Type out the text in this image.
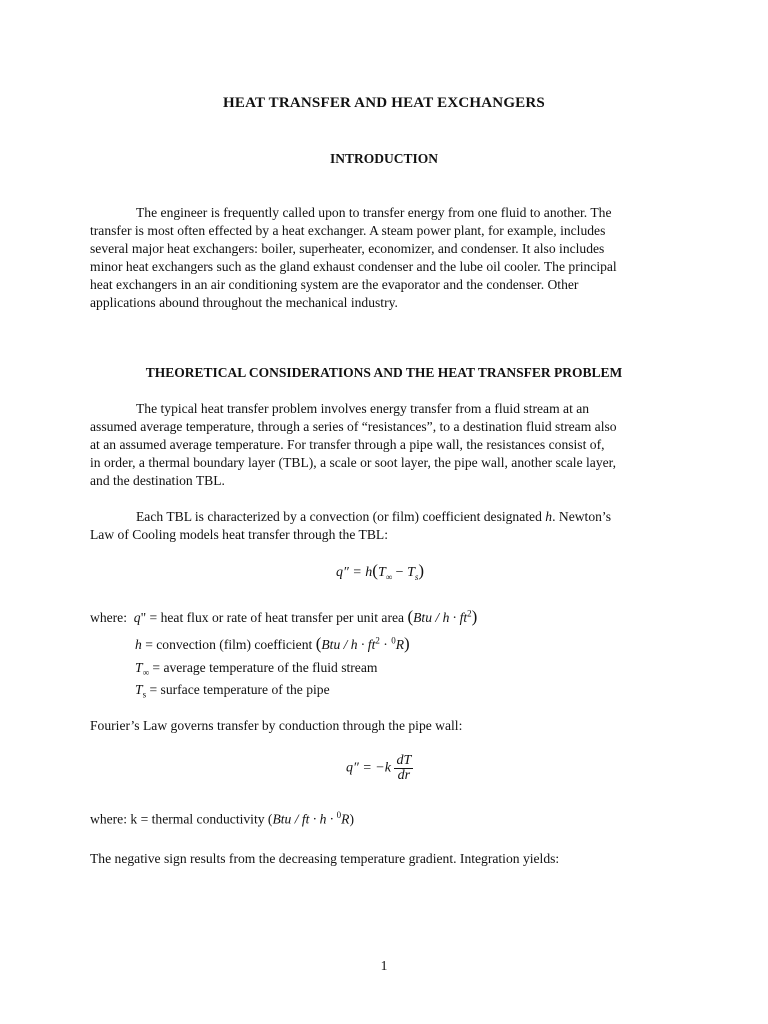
HEAT TRANSFER AND HEAT EXCHANGERS
INTRODUCTION
The engineer is frequently called upon to transfer energy from one fluid to another. The
transfer is most often effected by a heat exchanger. A steam power plant, for example, includes
several major heat exchangers: boiler, superheater, economizer, and condenser. It also includes
minor heat exchangers such as the gland exhaust condenser and the lube oil cooler. The principal
heat exchangers in an air conditioning system are the evaporator and the condenser. Other
applications abound throughout the mechanical industry.
THEORETICAL CONSIDERATIONS AND THE HEAT TRANSFER PROBLEM
The typical heat transfer problem involves energy transfer from a fluid stream at an
assumed average temperature, through a series of “resistances”, to a destination fluid stream also
at an assumed average temperature. For transfer through a pipe wall, the resistances consist of,
in order, a thermal boundary layer (TBL), a scale or soot layer, the pipe wall, another scale layer,
and the destination TBL.
Each TBL is characterized by a convection (or film) coefficient designated h. Newton’s
Law of Cooling models heat transfer through the TBL:
$q'' = h(T_\infty - T_s)$
where: q" = heat flux or rate of heat transfer per unit area $(Btu / h \cdot ft^2)$
h = convection (film) coefficient $(Btu / h \cdot ft^2 \cdot ^0R)$
$T_\infty$ = average temperature of the fluid stream
$T_s$ = surface temperature of the pipe
Fourier’s Law governs transfer by conduction through the pipe wall:
$q'' = -k \frac{dT}{dr}$
where: k = thermal conductivity (Btu / ft · h · $^0$R)
The negative sign results from the decreasing temperature gradient. Integration yields:
1
